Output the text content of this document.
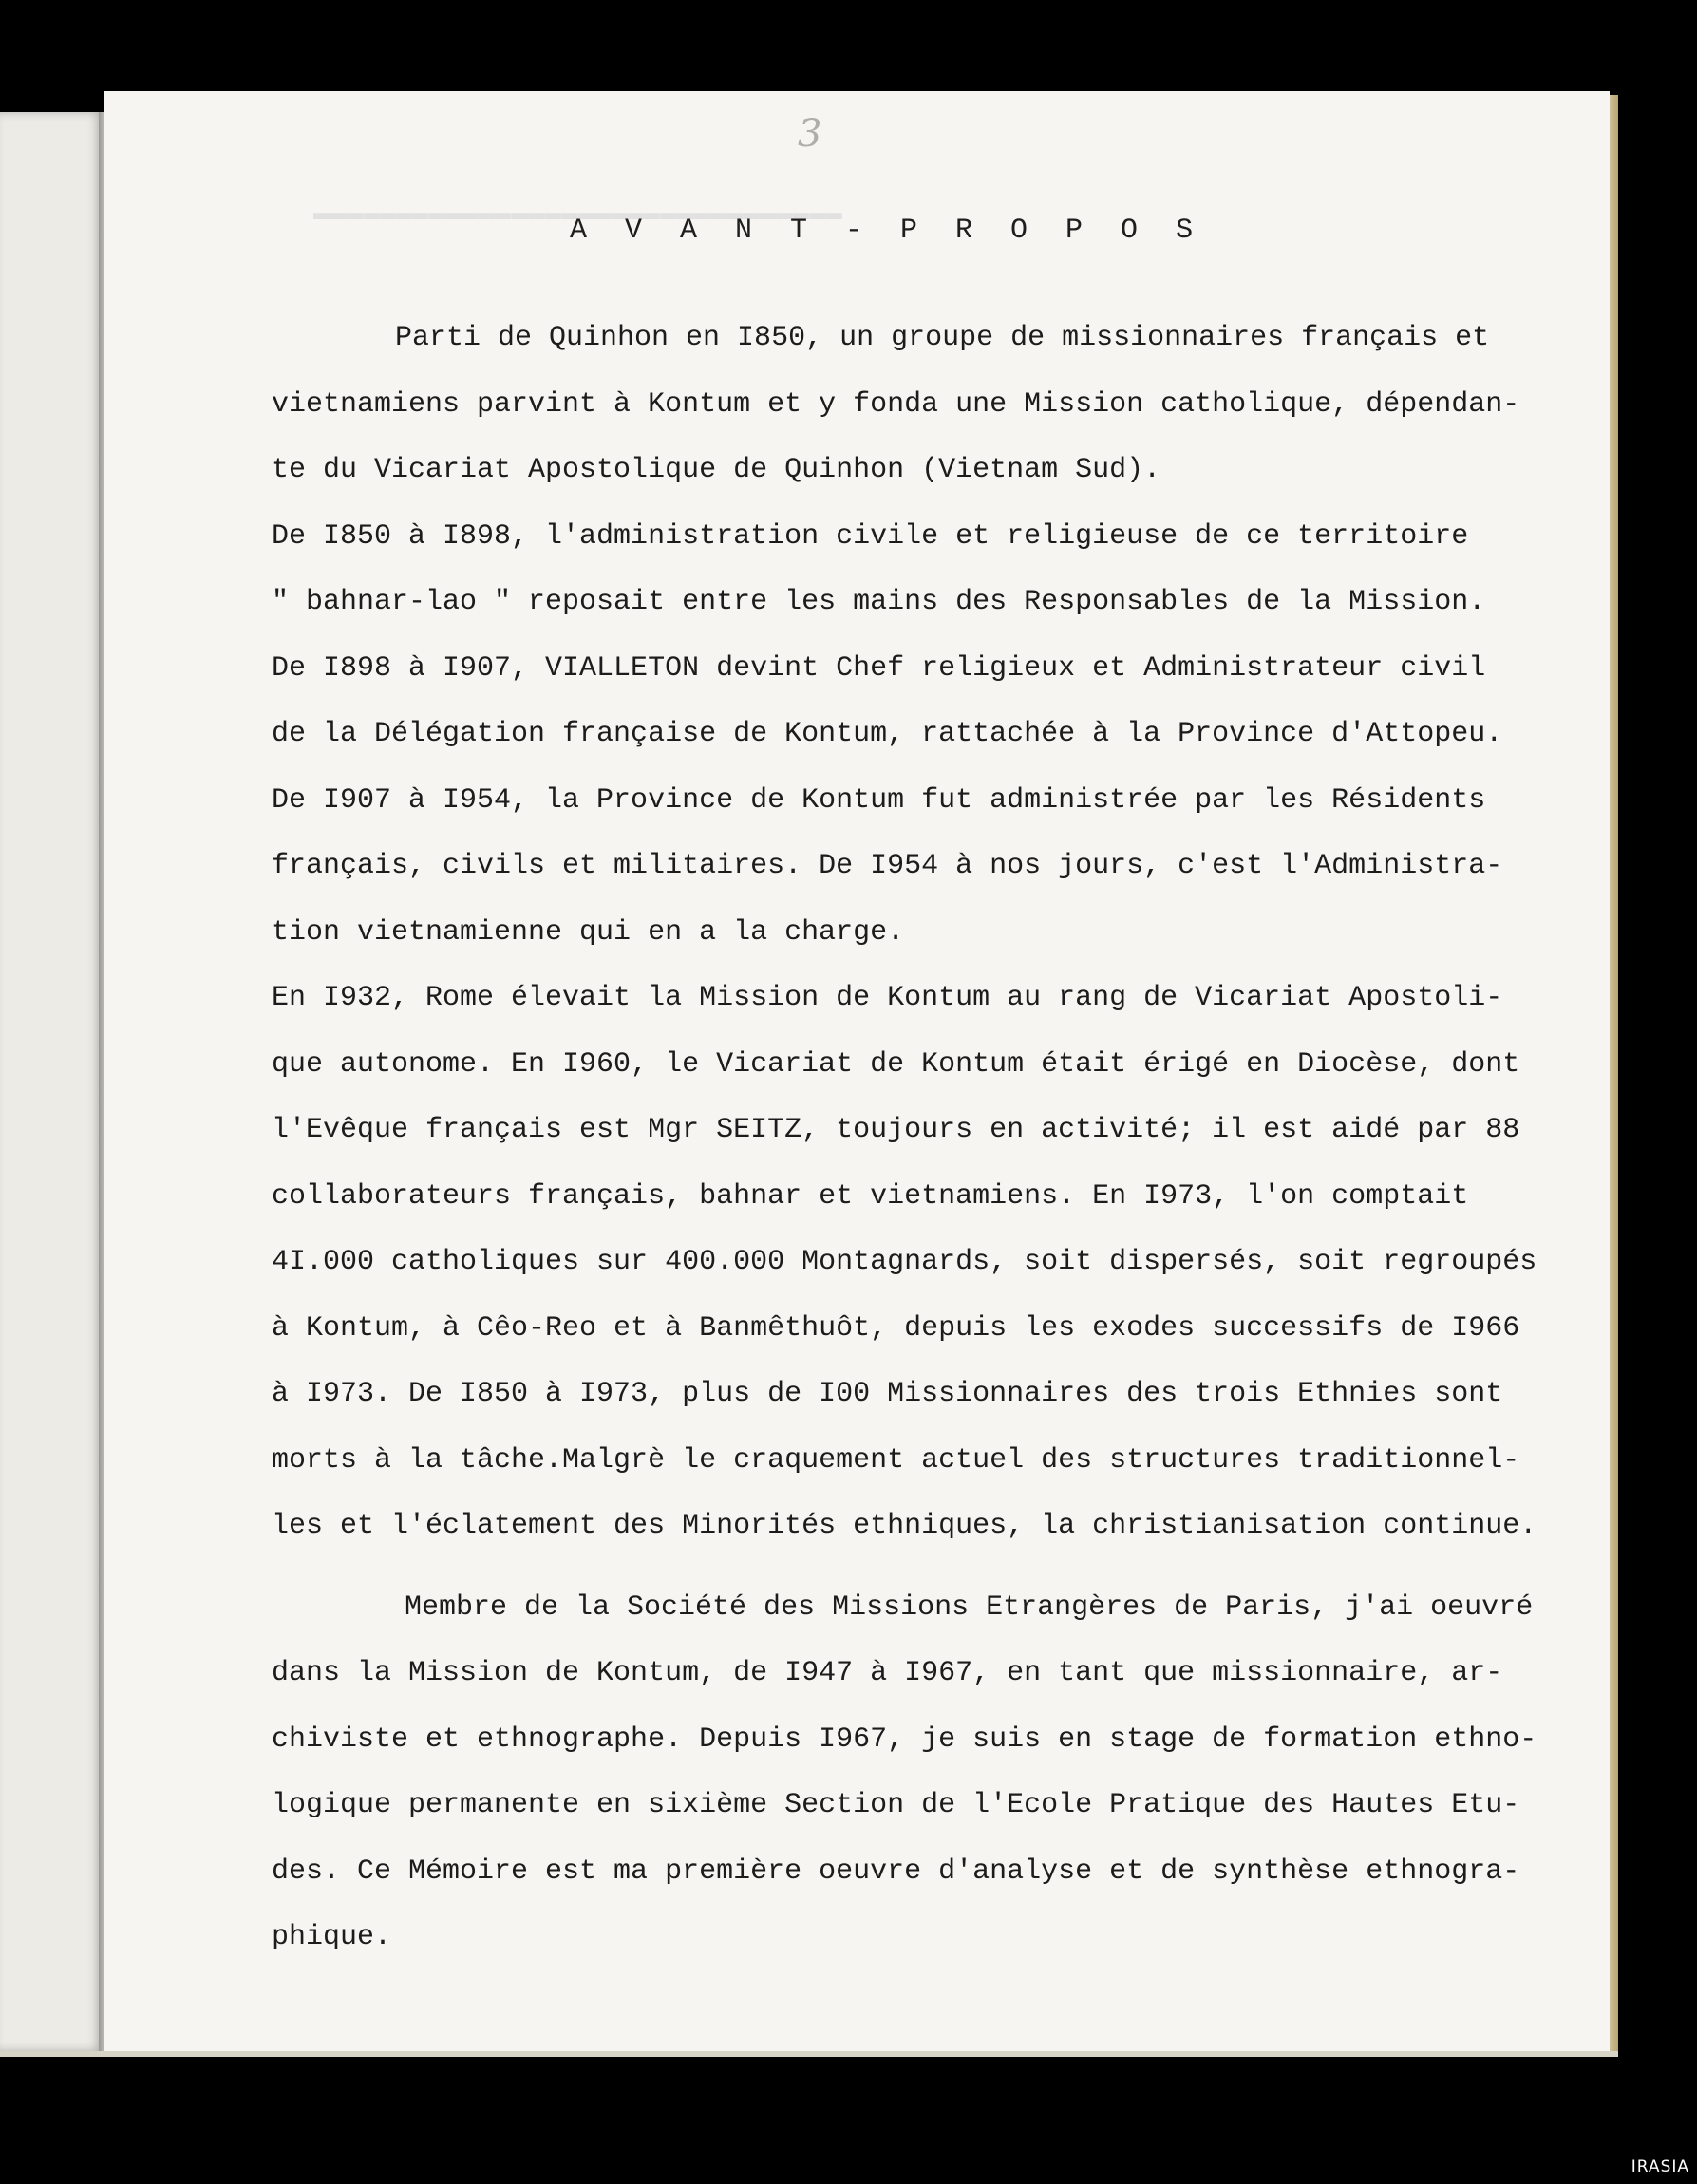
3
A V A N T - P R O P O S
Parti de Quinhon en I850, un groupe de missionnaires français et
vietnamiens parvint à Kontum et y fonda une Mission catholique, dépendan-
te du Vicariat Apostolique de Quinhon (Vietnam Sud).
De I850 à I898, l'administration civile et religieuse de ce territoire
" bahnar-lao " reposait entre les mains des Responsables de la Mission.
De I898 à I907, VIALLETON devint Chef religieux et Administrateur civil
de la Délégation française de Kontum, rattachée à la Province d'Attopeu.
De I907 à I954, la Province de Kontum fut administrée par les Résidents
français, civils et militaires. De I954 à nos jours, c'est l'Administra-
tion vietnamienne qui en a la charge.
En I932, Rome élevait la Mission de Kontum au rang de Vicariat Apostoli-
que autonome. En I960, le Vicariat de Kontum était érigé en Diocèse, dont
l'Evêque français est Mgr SEITZ, toujours en activité; il est aidé par 88
collaborateurs français, bahnar et vietnamiens. En I973, l'on comptait
4I.000 catholiques sur 400.000 Montagnards, soit dispersés, soit regroupés
à Kontum, à Cêo-Reo et à Banmêthuôt, depuis les exodes successifs de I966
à I973. De I850 à I973, plus de I00 Missionnaires des trois Ethnies sont
morts à la tâche.Malgrè le craquement actuel des structures traditionnel-
les et l'éclatement des Minorités ethniques, la christianisation continue.
Membre de la Société des Missions Etrangères de Paris, j'ai oeuvré
dans la Mission de Kontum, de I947 à I967, en tant que missionnaire, ar-
chiviste et ethnographe. Depuis I967, je suis en stage de formation ethno-
logique permanente en sixième Section de l'Ecole Pratique des Hautes Etu-
des. Ce Mémoire est ma première oeuvre d'analyse et de synthèse ethnogra-
phique.
IRASIA
